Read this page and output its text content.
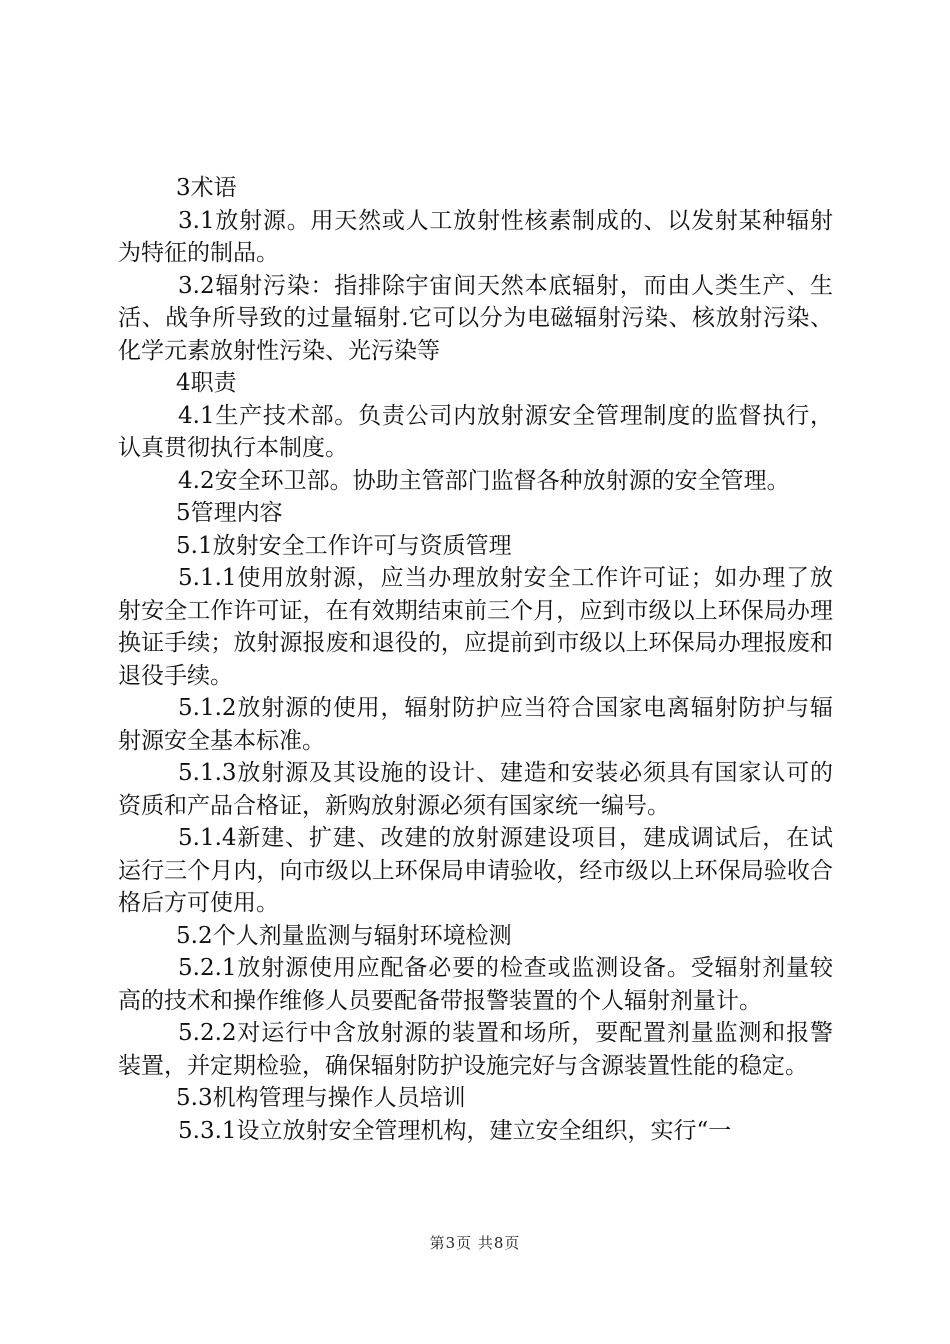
3术语

3.1放射源。用天然或人工放射性核素制成的、以发射某种辐射为特征的制品。

3.2辐射污染：指排除宇宙间天然本底辐射，而由人类生产、生活、战争所导致的过量辐射.它可以分为电磁辐射污染、核放射污染、化学元素放射性污染、光污染等

4职责

4.1生产技术部。负责公司内放射源安全管理制度的监督执行，认真贯彻执行本制度。

4.2安全环卫部。协助主管部门监督各种放射源的安全管理。

5管理内容

5.1放射安全工作许可与资质管理

5.1.1使用放射源，应当办理放射安全工作许可证；如办理了放射安全工作许可证，在有效期结束前三个月，应到市级以上环保局办理换证手续；放射源报废和退役的，应提前到市级以上环保局办理报废和退役手续。

5.1.2放射源的使用，辐射防护应当符合国家电离辐射防护与辐射源安全基本标准。

5.1.3放射源及其设施的设计、建造和安装必须具有国家认可的资质和产品合格证，新购放射源必须有国家统一编号。

5.1.4新建、扩建、改建的放射源建设项目，建成调试后，在试运行三个月内，向市级以上环保局申请验收，经市级以上环保局验收合格后方可使用。

5.2个人剂量监测与辐射环境检测

5.2.1放射源使用应配备必要的检查或监测设备。受辐射剂量较高的技术和操作维修人员要配备带报警装置的个人辐射剂量计。

5.2.2对运行中含放射源的装置和场所，要配置剂量监测和报警装置，并定期检验，确保辐射防护设施完好与含源装置性能的稳定。

5.3机构管理与操作人员培训

5.3.1设立放射安全管理机构，建立安全组织，实行“一

第3页 共8页
